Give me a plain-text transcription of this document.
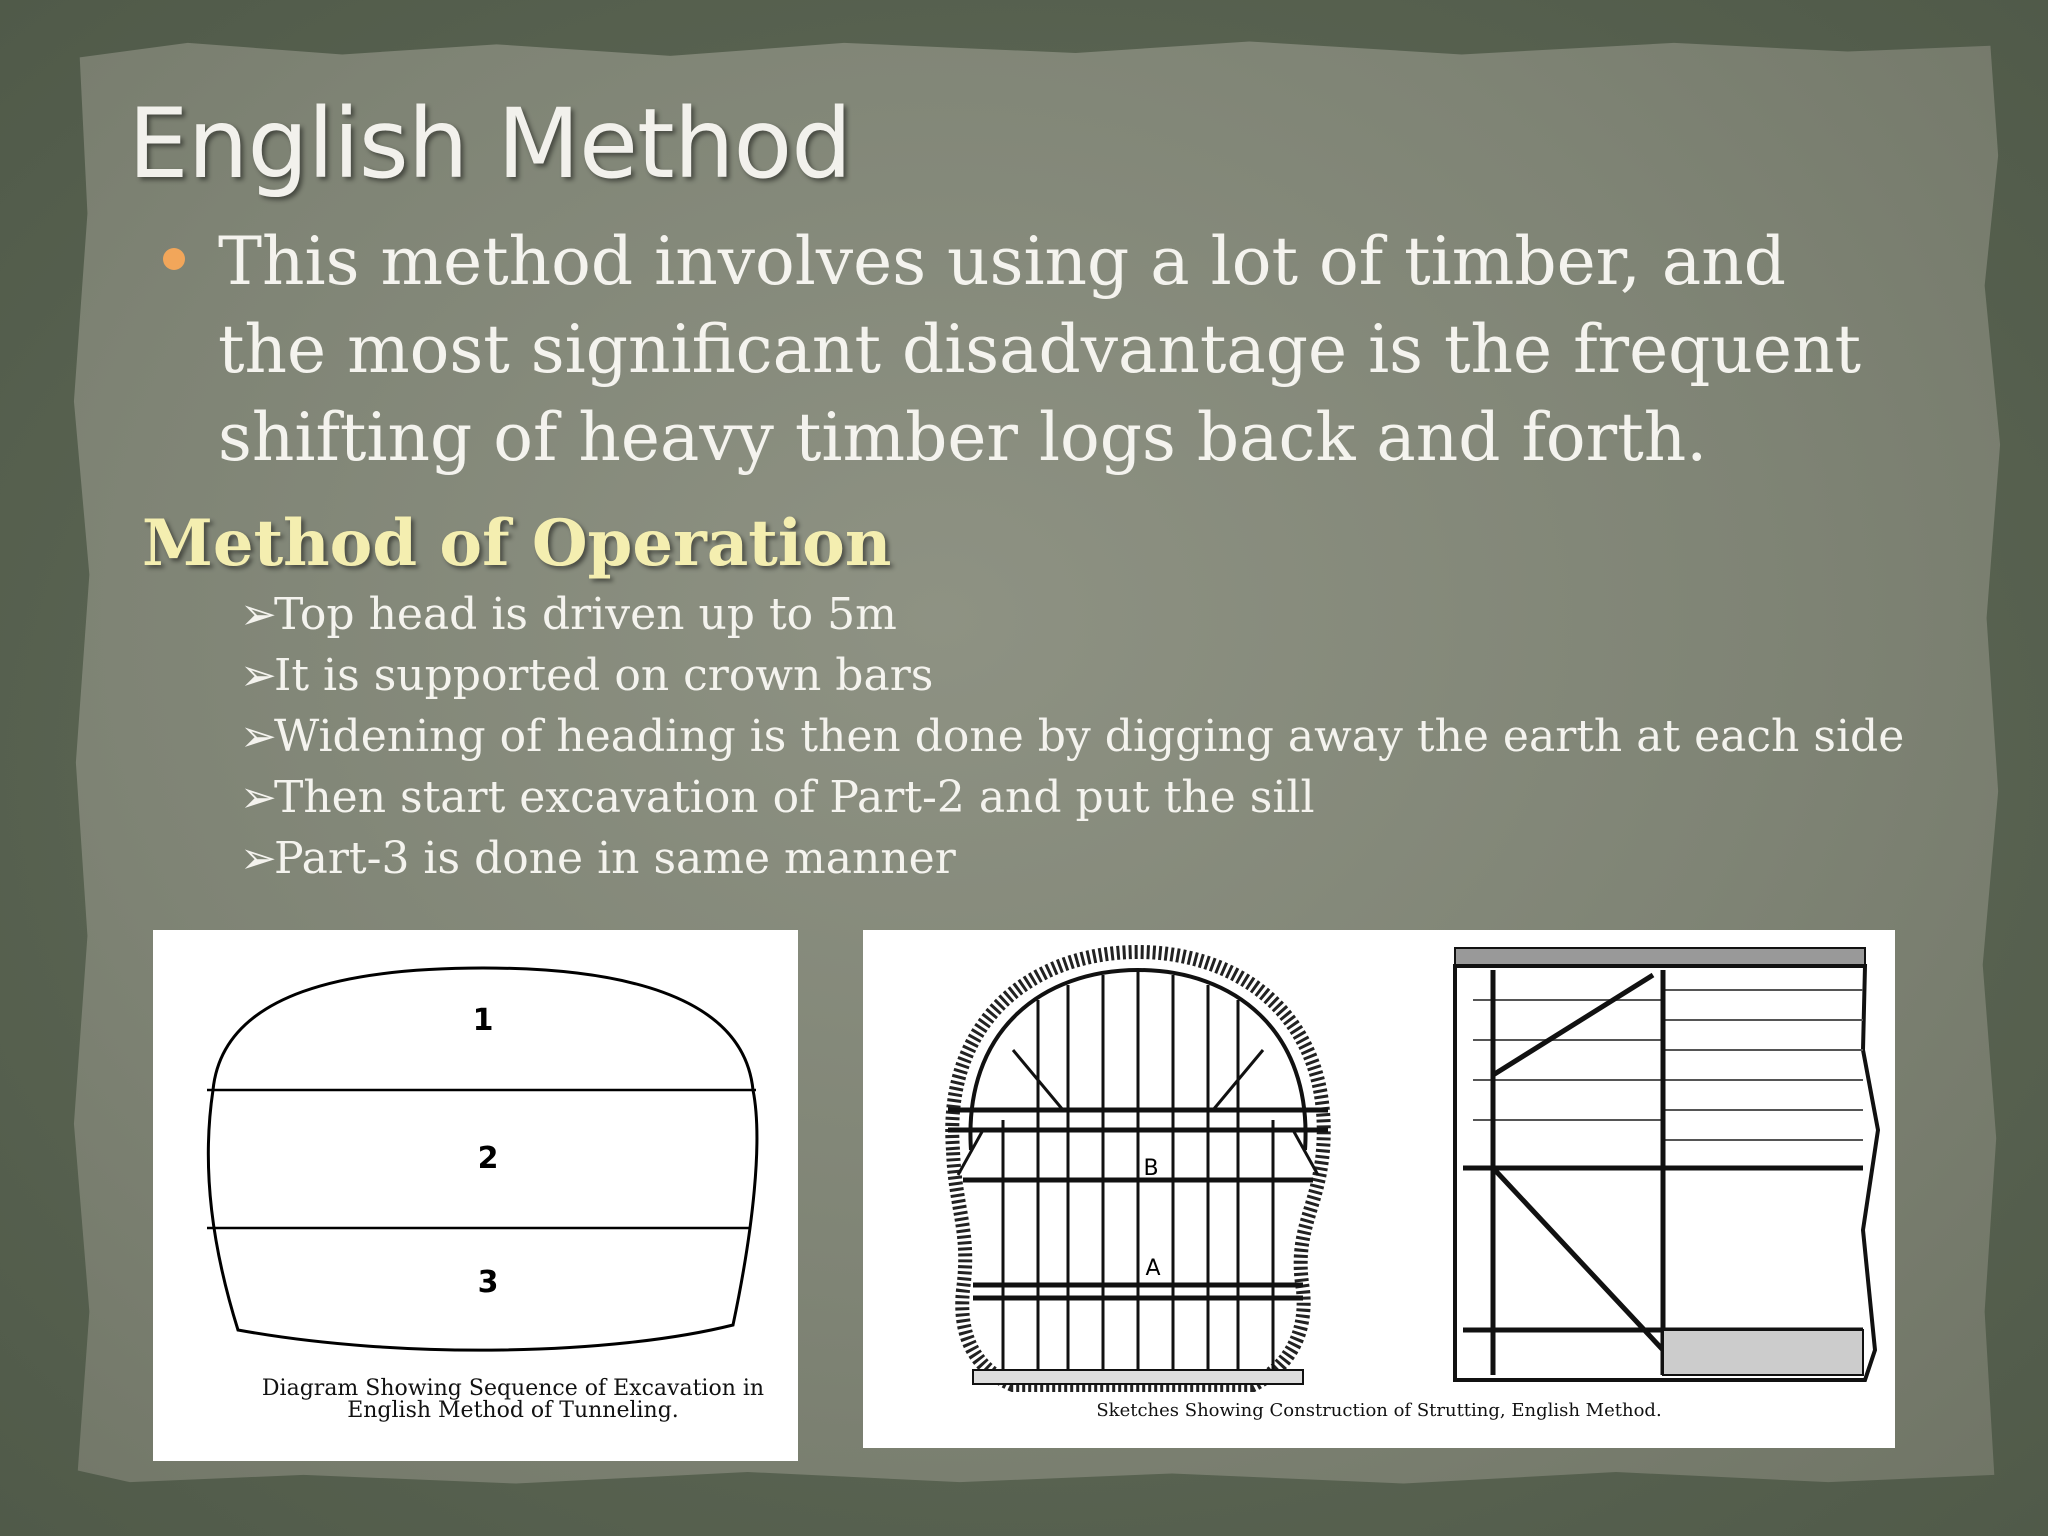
English Method
This method involves using a lot of timber, and the most significant disadvantage is the frequent shifting of heavy timber logs back and forth.
Method of Operation
➢Top head is driven up to 5m
➢It is supported on crown bars
➢Widening of heading is then done by digging away the earth at each side
➢Then start excavation of Part-2 and put the sill
➢Part-3 is done in same manner
1
2
3
Diagram Showing Sequence of Excavation in English Method of Tunneling.
B
A
Sketches Showing Construction of Strutting, English Method.
